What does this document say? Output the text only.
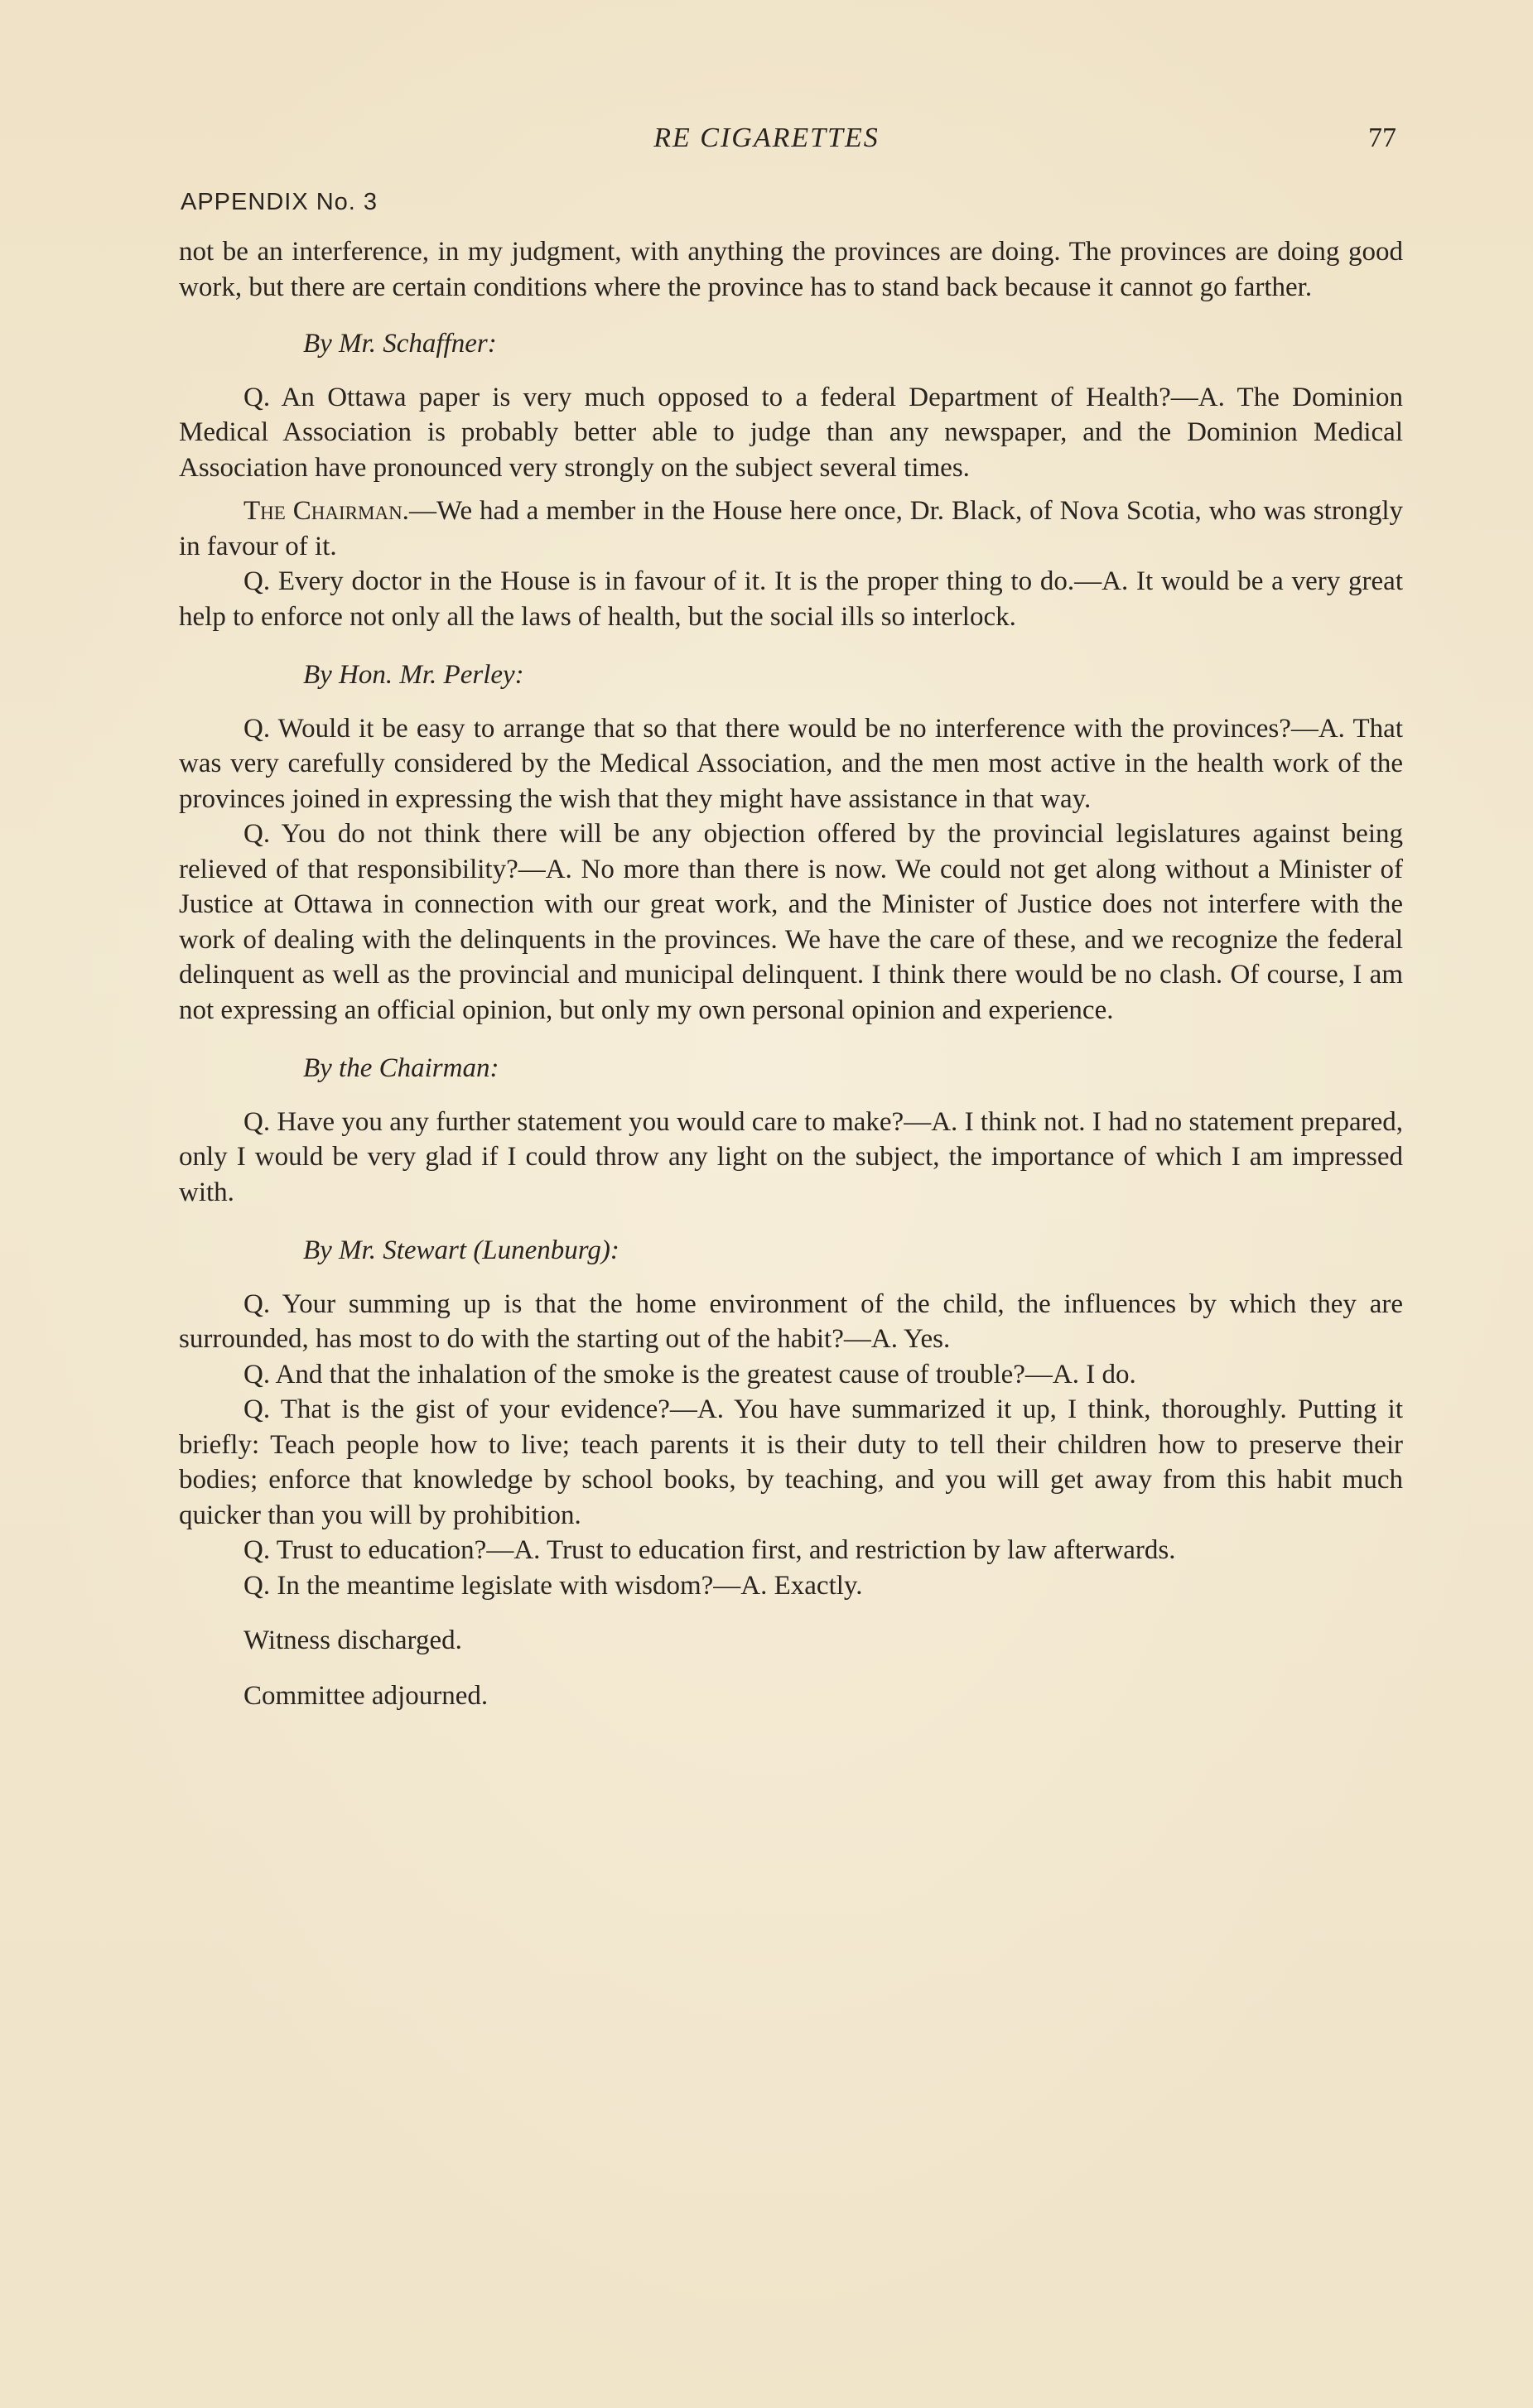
RE CIGARETTES	77
APPENDIX No. 3

not be an interference, in my judgment, with anything the provinces are doing. The provinces are doing good work, but there are certain conditions where the province has to stand back because it cannot go farther.

By Mr. Schaffner:

Q. An Ottawa paper is very much opposed to a federal Department of Health?—A. The Dominion Medical Association is probably better able to judge than any newspaper, and the Dominion Medical Association have pronounced very strongly on the subject several times.

The Chairman.—We had a member in the House here once, Dr. Black, of Nova Scotia, who was strongly in favour of it.

Q. Every doctor in the House is in favour of it. It is the proper thing to do.—A. It would be a very great help to enforce not only all the laws of health, but the social ills so interlock.

By Hon. Mr. Perley:

Q. Would it be easy to arrange that so that there would be no interference with the provinces?—A. That was very carefully considered by the Medical Association, and the men most active in the health work of the provinces joined in expressing the wish that they might have assistance in that way.

Q. You do not think there will be any objection offered by the provincial legislatures against being relieved of that responsibility?—A. No more than there is now. We could not get along without a Minister of Justice at Ottawa in connection with our great work, and the Minister of Justice does not interfere with the work of dealing with the delinquents in the provinces. We have the care of these, and we recognize the federal delinquent as well as the provincial and municipal delinquent. I think there would be no clash. Of course, I am not expressing an official opinion, but only my own personal opinion and experience.

By the Chairman:

Q. Have you any further statement you would care to make?—A. I think not. I had no statement prepared, only I would be very glad if I could throw any light on the subject, the importance of which I am impressed with.

By Mr. Stewart (Lunenburg):

Q. Your summing up is that the home environment of the child, the influences by which they are surrounded, has most to do with the starting out of the habit?—A. Yes.

Q. And that the inhalation of the smoke is the greatest cause of trouble?—A. I do.

Q. That is the gist of your evidence?—A. You have summarized it up, I think, thoroughly. Putting it briefly: Teach people how to live; teach parents it is their duty to tell their children how to preserve their bodies; enforce that knowledge by school books, by teaching, and you will get away from this habit much quicker than you will by prohibition.

Q. Trust to education?—A. Trust to education first, and restriction by law afterwards.

Q. In the meantime legislate with wisdom?—A. Exactly.

Witness discharged.

Committee adjourned.
